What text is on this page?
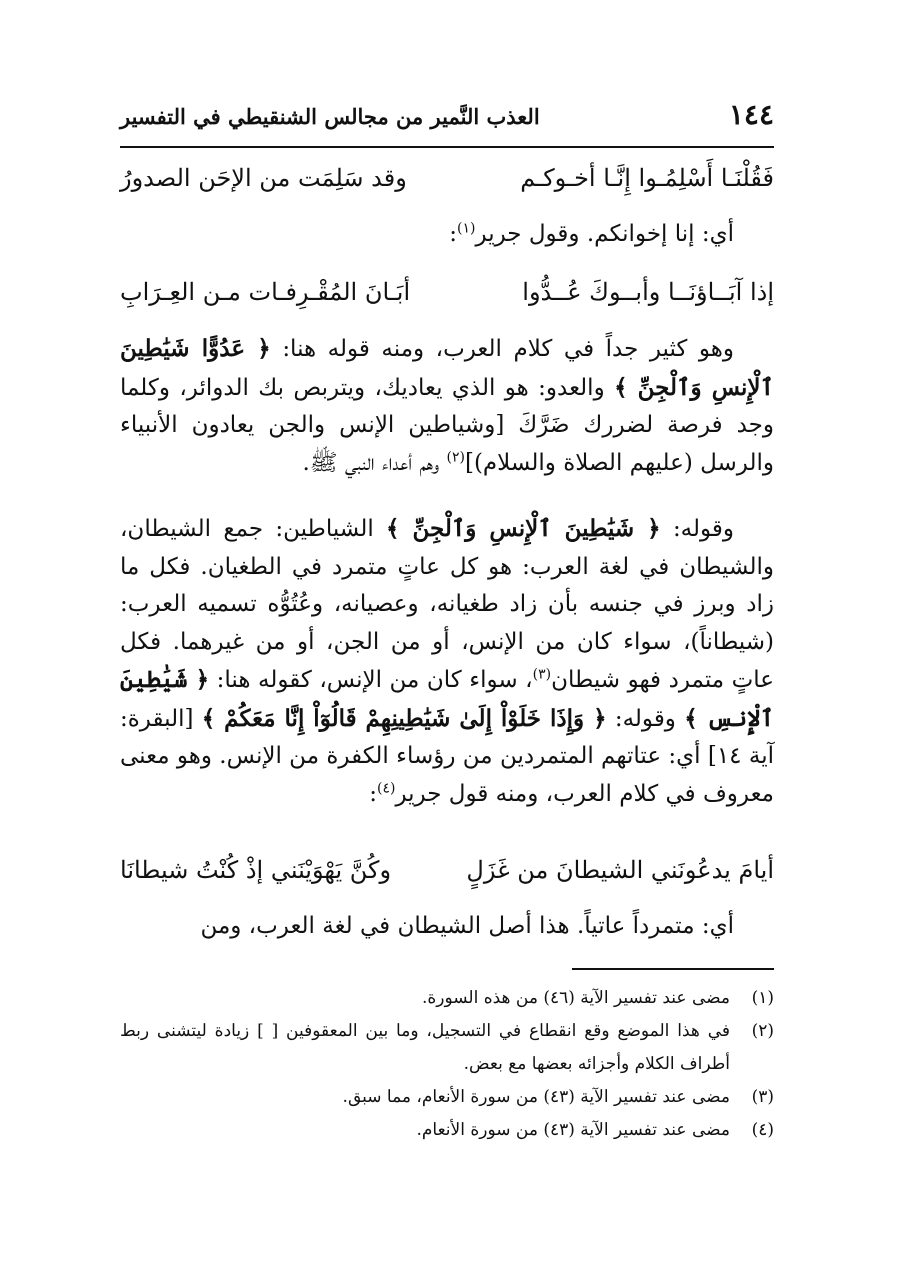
١٤٤
العذب النَّمير من مجالس الشنقيطي في التفسير
فَقُلْنَـا أَسْلِمُـوا إِنَّـا أخـوكـم
وقد سَلِمَت من الإحَن الصدورُ

أي: إنا إخوانكم. وقول جرير$^{(١)}$:

إذا آبَــاؤنَــا وأبــوكَ عُــدُّوا
أبَـانَ المُقْـرِفـات مـن العِـرَابِ

وهو كثير جداً في كلام العرب، ومنه قوله هنا: ﴿ عَدُوًّا شَيَٰطِينَ ٱلْإِنسِ وَٱلْجِنِّ ﴾ والعدو: هو الذي يعاديك، ويتربص بك الدوائر، وكلما وجد فرصة لضررك ضَرَّكَ [وشياطين الإنس والجن يعادون الأنبياء والرسل (عليهم الصلاة والسلام)]$^{(٢)}$ وهم أعداء النبي ﷺ.

وقوله: ﴿ شَيَٰطِينَ ٱلْإِنسِ وَٱلْجِنِّ ﴾ الشياطين: جمع الشيطان، والشيطان في لغة العرب: هو كل عاتٍ متمرد في الطغيان. فكل ما زاد وبرز في جنسه بأن زاد طغيانه، وعصيانه، وعُتُوُّه تسميه العرب: (شيطاناً)، سواء كان من الإنس، أو من الجن، أو من غيرهما. فكل عاتٍ متمرد فهو شيطان$^{(٣)}$، سواء كان من الإنس، كقوله هنا: ﴿ شَيَٰطِينَ ٱلْإِنسِ ﴾ وقوله: ﴿ وَإِذَا خَلَوْاْ إِلَىٰ شَيَٰطِينِهِمْ قَالُوٓاْ إِنَّا مَعَكُمْ ﴾ [البقرة: آية ١٤] أي: عتاتهم المتمردين من رؤساء الكفرة من الإنس. وهو معنى معروف في كلام العرب، ومنه قول جرير$^{(٤)}$:

أيامَ يدعُونَني الشيطانَ من غَزَلٍ
وكُنَّ يَهْوَيْنَني إذْ كُنْتُ شيطانَا

أي: متمرداً عاتياً. هذا أصل الشيطان في لغة العرب، ومن

(١)
مضى عند تفسير الآية (٤٦) من هذه السورة.

(٢)
في هذا الموضع وقع انقطاع في التسجيل، وما بين المعقوفين [ ] زيادة ليتشنى ربط أطراف الكلام وأجزائه بعضها مع بعض.

(٣)
مضى عند تفسير الآية (٤٣) من سورة الأنعام، مما سبق.

(٤)
مضى عند تفسير الآية (٤٣) من سورة الأنعام.
